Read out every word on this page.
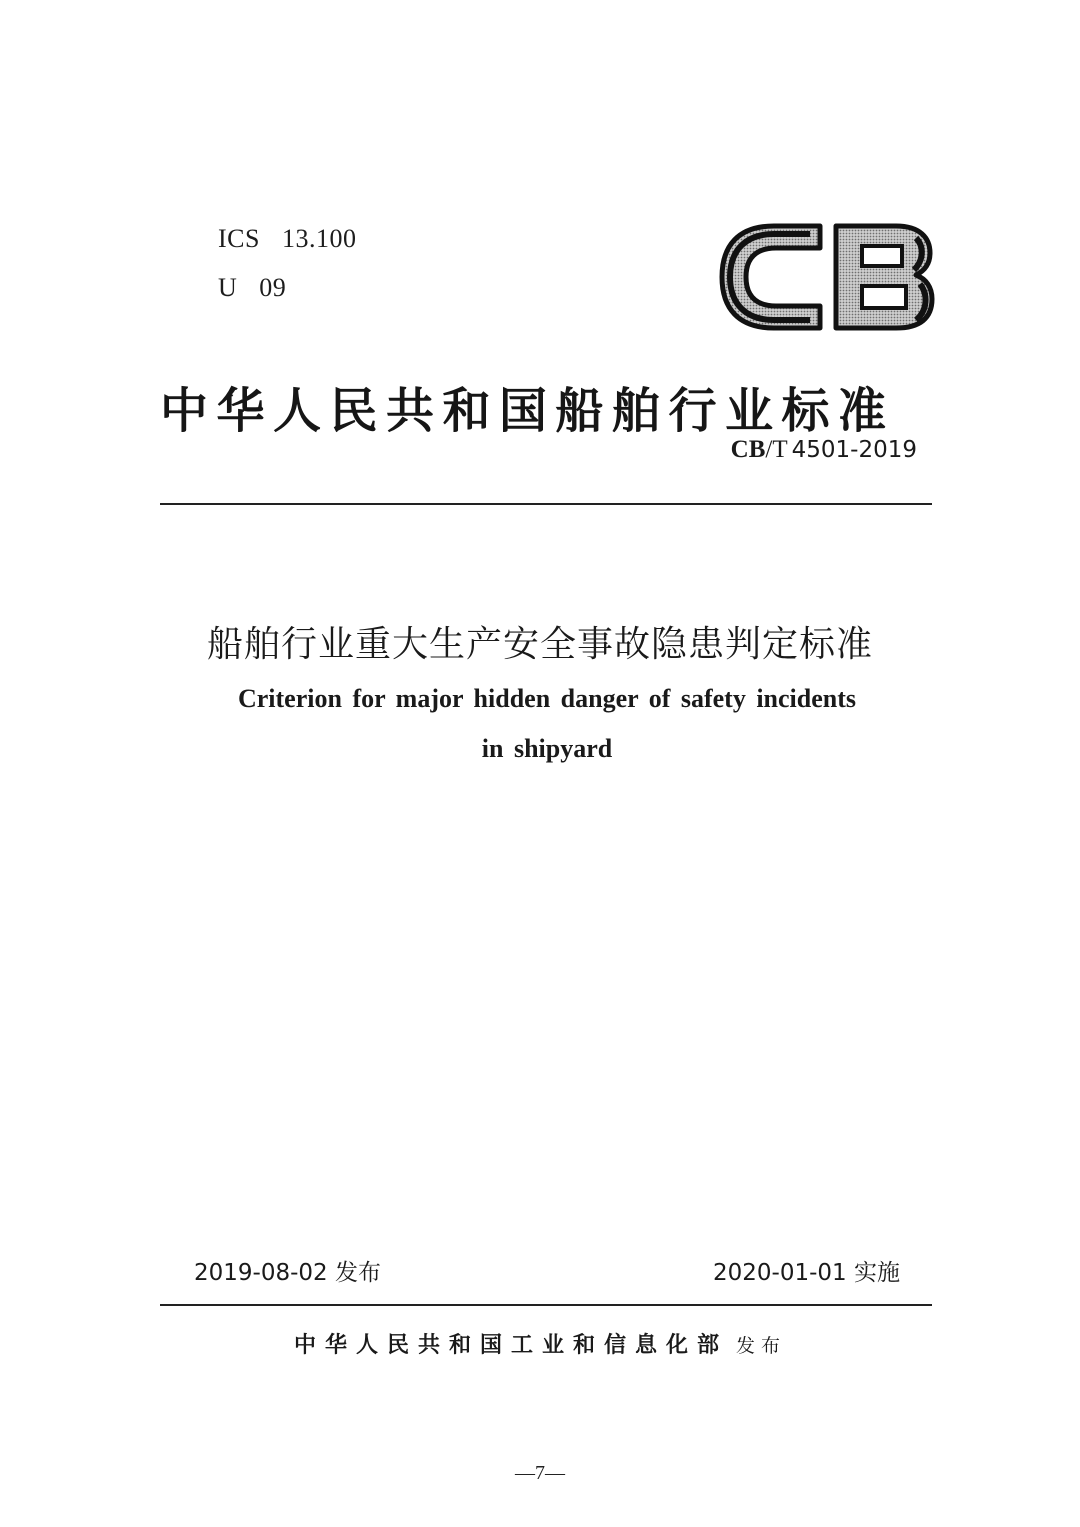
ICS 13.100
U 09
中华人民共和国船舶行业标准
CB/T 4501-2019
船舶行业重大生产安全事故隐患判定标准
Criterion for major hidden danger of safety incidents
in shipyard
2019-08-02 发布	2020-01-01 实施
中华人民共和国工业和信息化部 发布
—7—
